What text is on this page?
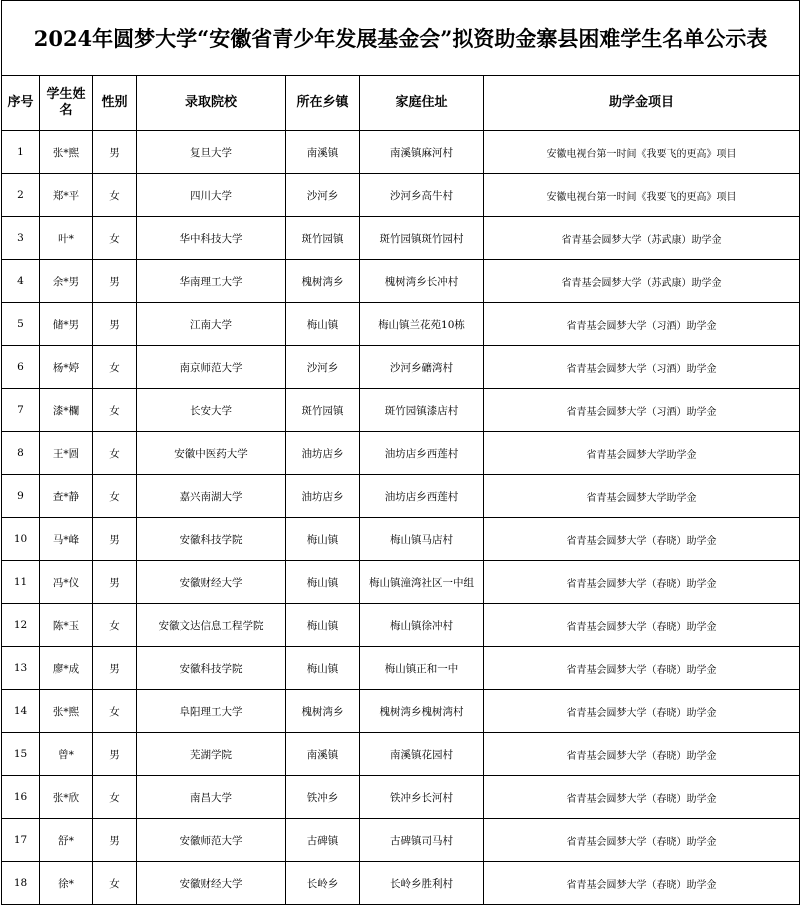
2024年圆梦大学“安徽省青少年发展基金会”拟资助金寨县困难学生名单公示表						
序号	学生姓名	性别	录取院校	所在乡镇	家庭住址	助学金项目
1	张*熙	男	复旦大学	南溪镇	南溪镇麻河村	安徽电视台第一时间《我要飞的更高》项目
2	郑*平	女	四川大学	沙河乡	沙河乡高牛村	安徽电视台第一时间《我要飞的更高》项目
3	叶*	女	华中科技大学	斑竹园镇	斑竹园镇斑竹园村	省青基会圆梦大学（苏武康）助学金
4	余*男	男	华南理工大学	槐树湾乡	槐树湾乡长冲村	省青基会圆梦大学（苏武康）助学金
5	储*男	男	江南大学	梅山镇	梅山镇兰花苑10栋	省青基会圆梦大学（习酒）助学金
6	杨*婷	女	南京师范大学	沙河乡	沙河乡礳湾村	省青基会圆梦大学（习酒）助学金
7	漆*欄	女	长安大学	斑竹园镇	斑竹园镇漆店村	省青基会圆梦大学（习酒）助学金
8	王*圆	女	安徽中医药大学	油坊店乡	油坊店乡西莲村	省青基会圆梦大学助学金
9	查*静	女	嘉兴南湖大学	油坊店乡	油坊店乡西莲村	省青基会圆梦大学助学金
10	马*峰	男	安徽科技学院	梅山镇	梅山镇马店村	省青基会圆梦大学（春晓）助学金
11	冯*仪	男	安徽财经大学	梅山镇	梅山镇潼湾社区一中组	省青基会圆梦大学（春晓）助学金
12	陈*玉	女	安徽文达信息工程学院	梅山镇	梅山镇徐冲村	省青基会圆梦大学（春晓）助学金
13	廖*成	男	安徽科技学院	梅山镇	梅山镇正和一中	省青基会圆梦大学（春晓）助学金
14	张*熙	女	阜阳理工大学	槐树湾乡	槐树湾乡槐树湾村	省青基会圆梦大学（春晓）助学金
15	曾*	男	芜湖学院	南溪镇	南溪镇花园村	省青基会圆梦大学（春晓）助学金
16	张*欣	女	南昌大学	铁冲乡	铁冲乡长河村	省青基会圆梦大学（春晓）助学金
17	舒*	男	安徽师范大学	古碑镇	古碑镇司马村	省青基会圆梦大学（春晓）助学金
18	徐*	女	安徽财经大学	长岭乡	长岭乡胜利村	省青基会圆梦大学（春晓）助学金
